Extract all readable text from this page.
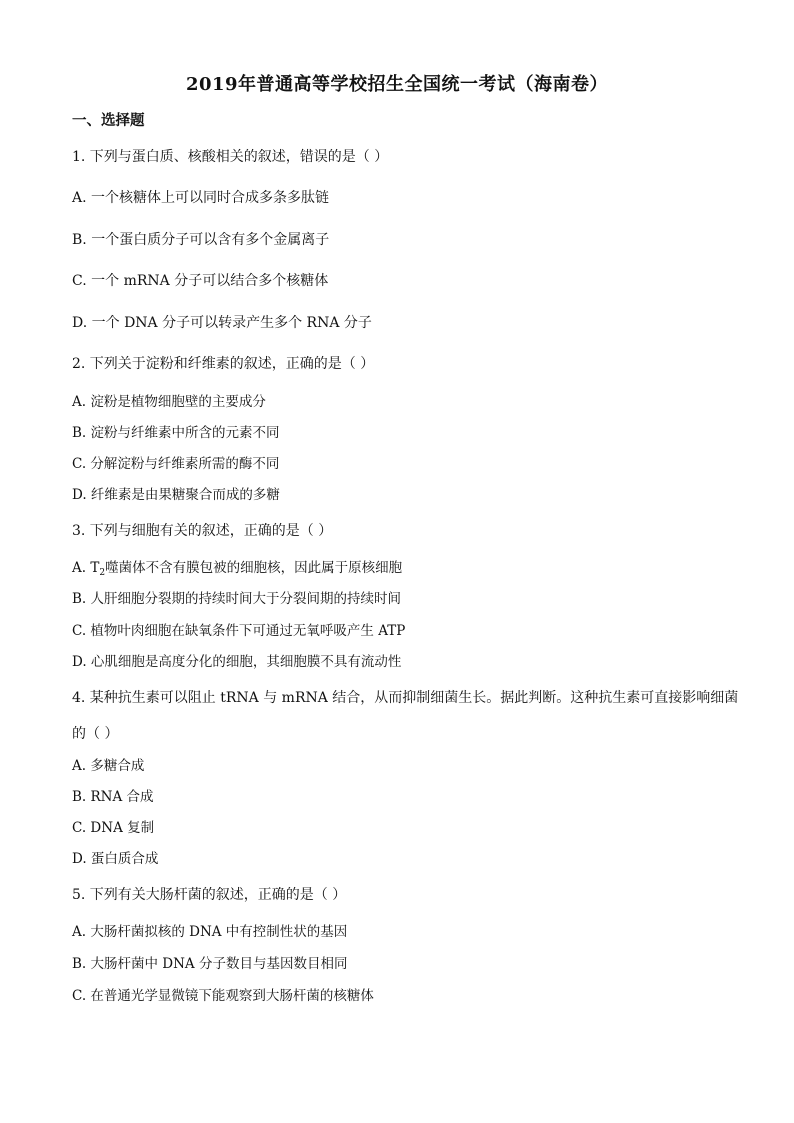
2019年普通高等学校招生全国统一考试（海南卷）
一、选择题
1. 下列与蛋白质、核酸相关的叙述，错误的是（ ）
A. 一个核糖体上可以同时合成多条多肽链
B. 一个蛋白质分子可以含有多个金属离子
C. 一个 mRNA 分子可以结合多个核糖体
D. 一个 DNA 分子可以转录产生多个 RNA 分子
2. 下列关于淀粉和纤维素的叙述，正确的是（ ）
A. 淀粉是植物细胞壁的主要成分
B. 淀粉与纤维素中所含的元素不同
C. 分解淀粉与纤维素所需的酶不同
D. 纤维素是由果糖聚合而成的多糖
3. 下列与细胞有关的叙述，正确的是（ ）
A. $T_2$噬菌体不含有膜包被的细胞核，因此属于原核细胞
B. 人肝细胞分裂期的持续时间大于分裂间期的持续时间
C. 植物叶肉细胞在缺氧条件下可通过无氧呼吸产生 ATP
D. 心肌细胞是高度分化的细胞，其细胞膜不具有流动性
4. 某种抗生素可以阻止 tRNA 与 mRNA 结合，从而抑制细菌生长。据此判断。这种抗生素可直接影响细菌
的（ ）
A. 多糖合成
B. RNA 合成
C. DNA 复制
D. 蛋白质合成
5. 下列有关大肠杆菌的叙述，正确的是（ ）
A. 大肠杆菌拟核的 DNA 中有控制性状的基因
B. 大肠杆菌中 DNA 分子数目与基因数目相同
C. 在普通光学显微镜下能观察到大肠杆菌的核糖体
